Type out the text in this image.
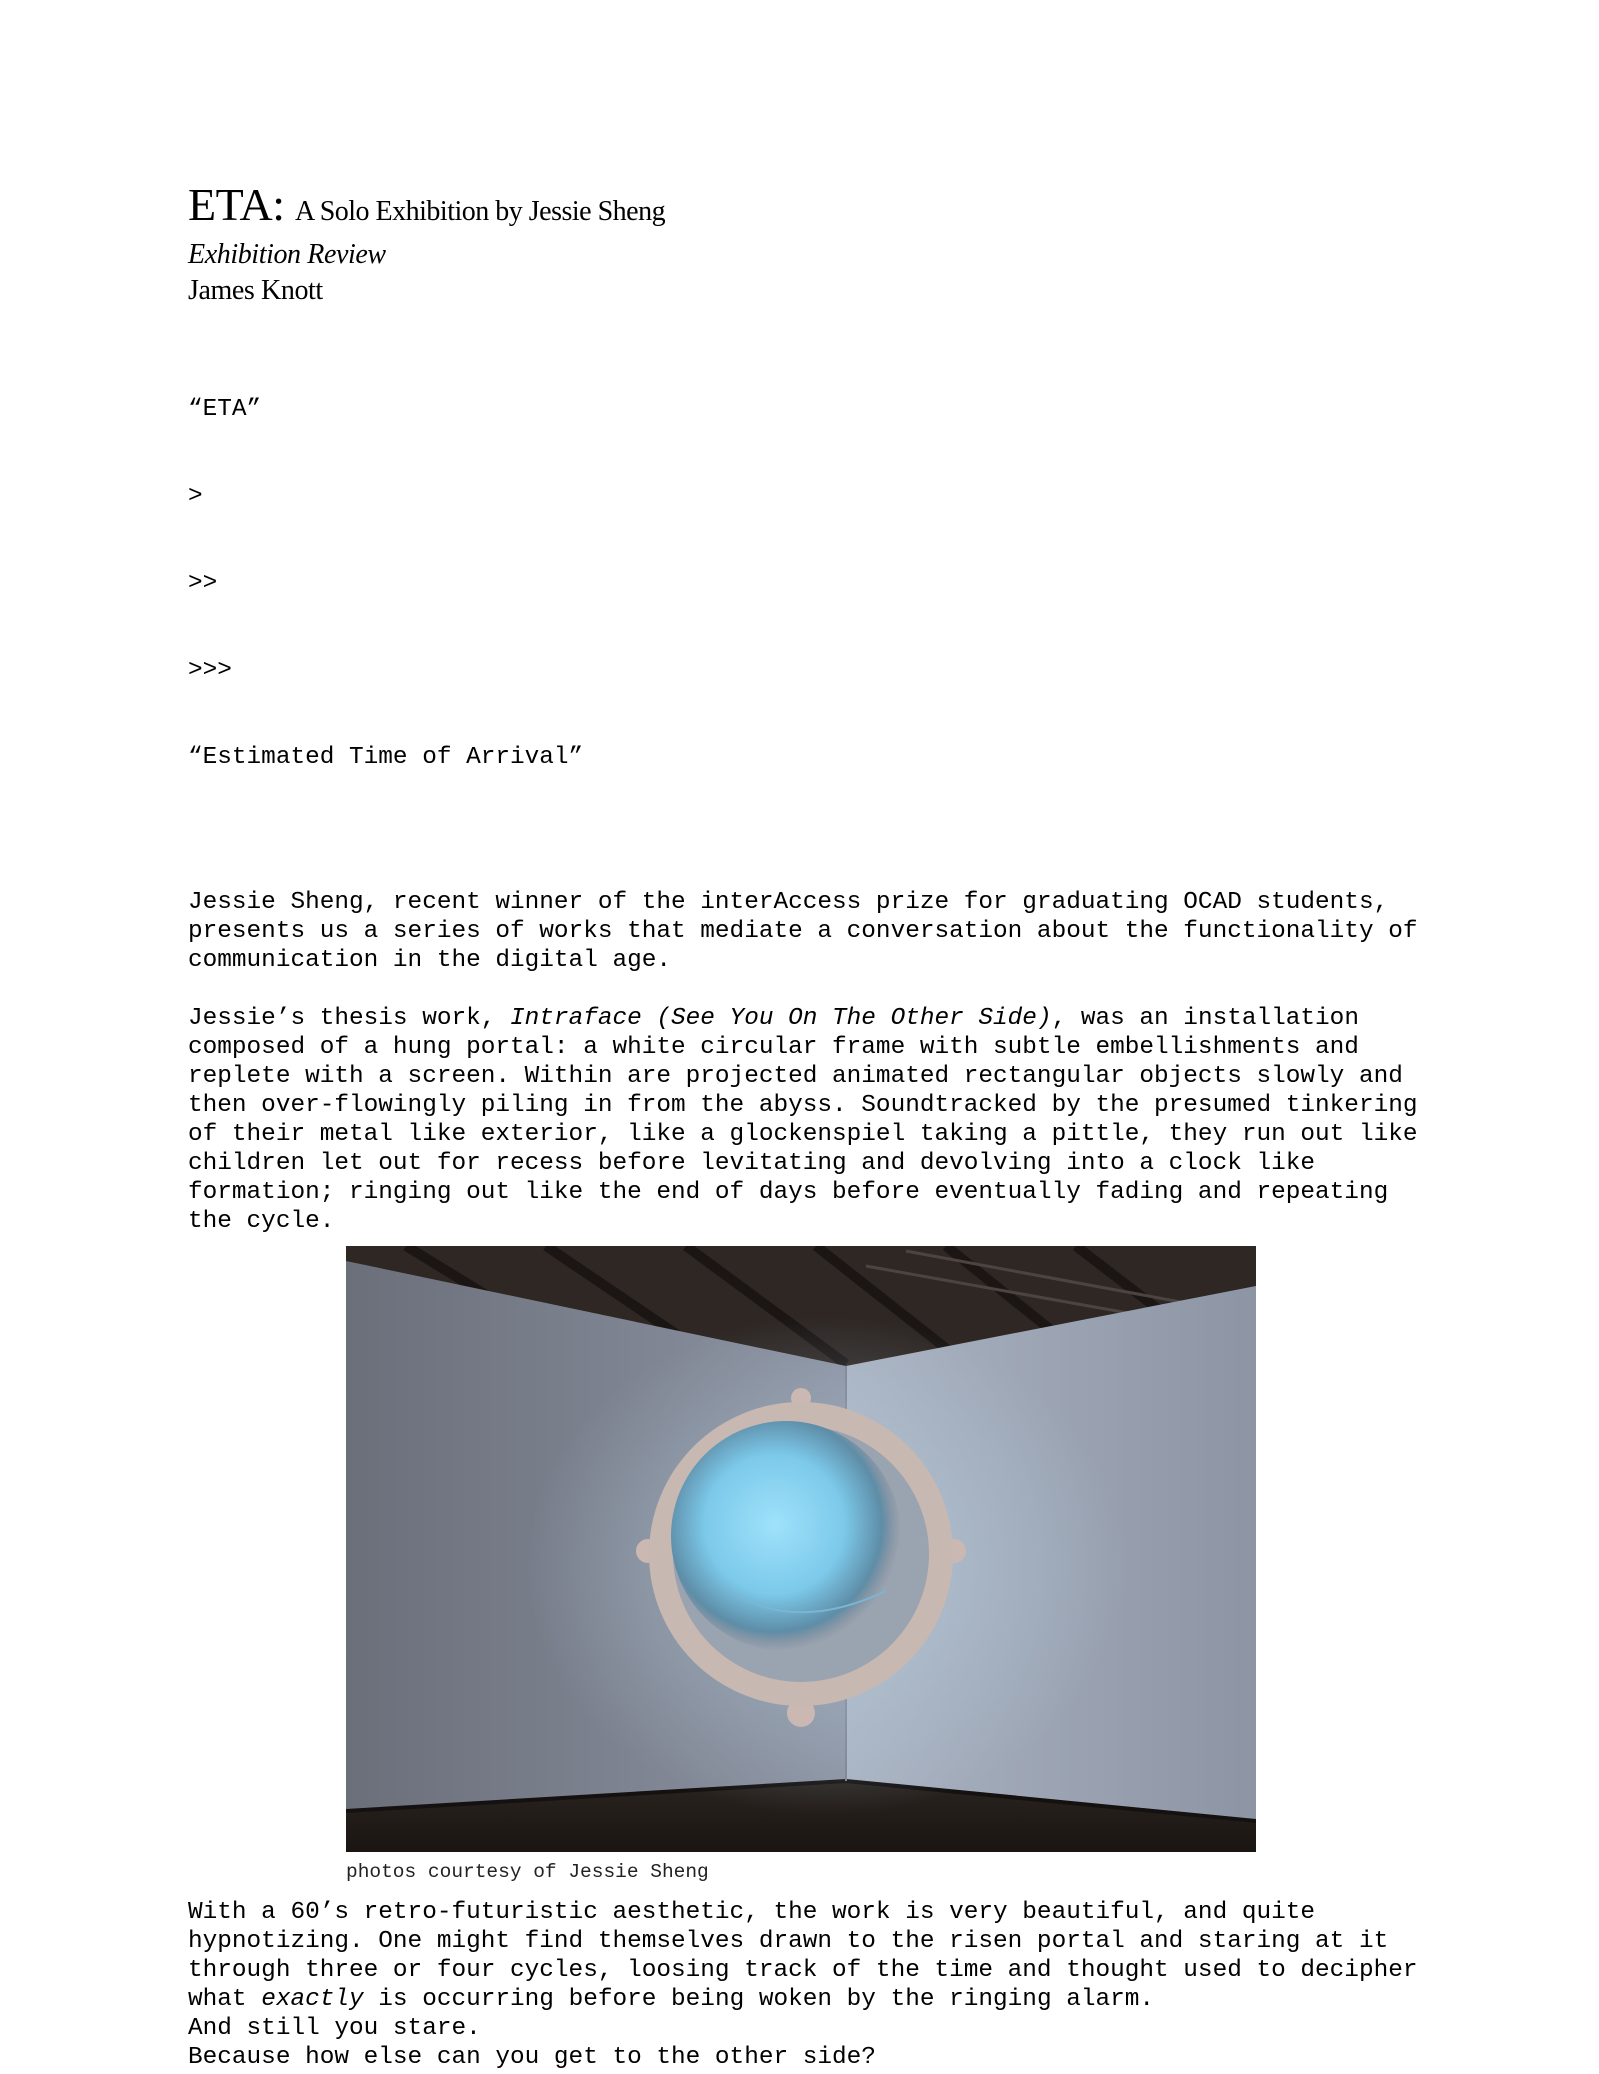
ETA: A Solo Exhibition by Jessie Sheng

Exhibition Review

James Knott

“ETA”

>

>>

>>>

“Estimated Time of Arrival”

Jessie Sheng, recent winner of the interAccess prize for graduating OCAD students, presents us a series of works that mediate a conversation about the functionality of communication in the digital age.

Jessie’s thesis work, Intraface (See You On The Other Side), was an installation composed of a hung portal: a white circular frame with subtle embellishments and replete with a screen. Within are projected animated rectangular objects slowly and then over-flowingly piling in from the abyss. Soundtracked by the presumed tinkering of their metal like exterior, like a glockenspiel taking a pittle, they run out like children let out for recess before levitating and devolving into a clock like formation; ringing out like the end of days before eventually fading and repeating the cycle.

photos courtesy of Jessie Sheng

With a 60’s retro-futuristic aesthetic, the work is very beautiful, and quite hypnotizing. One might find themselves drawn to the risen portal and staring at it through three or four cycles, loosing track of the time and thought used to decipher what exactly is occurring before being woken by the ringing alarm.

And still you stare.
Because how else can you get to the other side?
